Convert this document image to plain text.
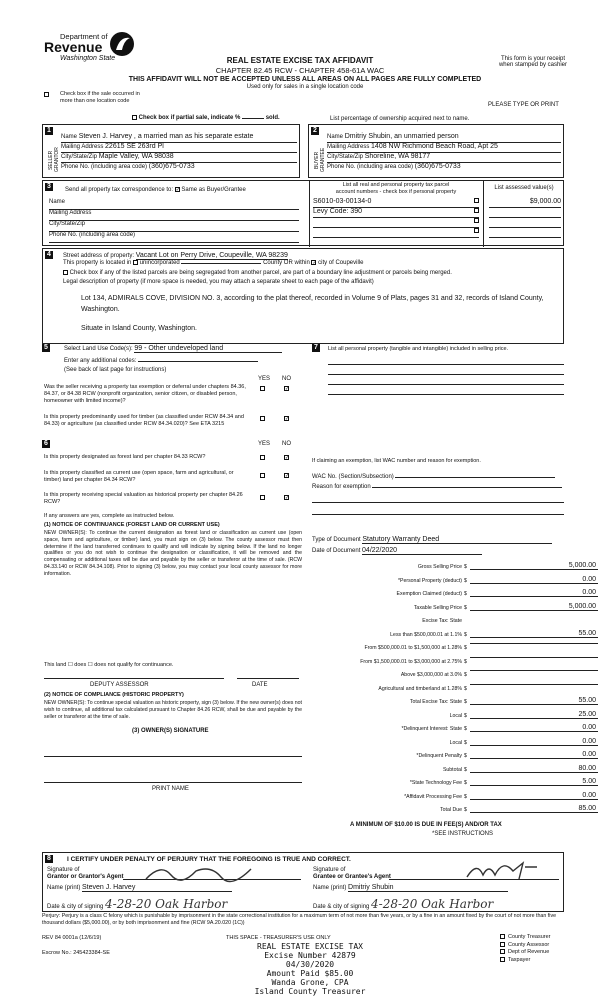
Department of
Revenue
Washington State	REAL ESTATE EXCISE TAX AFFIDAVIT
CHAPTER 82.45 RCW - CHAPTER 458-61A WAC
This form is your receipt
when stamped by cashier
THIS AFFIDAVIT WILL NOT BE ACCEPTED UNLESS ALL AREAS ON ALL PAGES ARE FULLY COMPLETED
Used only for sales in a single location code
Check box if the sale occurred in
more than one location code
PLEASE TYPE OR PRINT
Check box if partial sale, indicate %	sold.	List percentage of ownership acquired next to name.
1
SELLER GRANTOR
Name Steven J. Harvey , a married man as his separate estate
Mailing Address 22615 SE 263rd Pl
City/State/Zip Maple Valley, WA 98038
Phone No. (including area code) (360)675-0733
2
BUYER GRANTEE
Name Dmitriy Shubin, an unmarried person
Mailing Address 1408 NW Richmond Beach Road, Apt 25
City/State/Zip Shoreline, WA 98177
Phone No. (including area code) (360)675-0733
3
Send all property tax correspondence to: ✓ Same as Buyer/Grantee
Name
Mailing Address
City/State/Zip
Phone No. (including area code)
List all real and personal property tax parcel
account numbers - check box if personal property
List assessed value(s)
S6010-03-00134-0
Levy Code: 390
$9,000.00
4	Street address of property: Vacant Lot on Perry Drive, Coupeville, WA 98239
This property is located in unincorporated	County OR within ✓ city of Coupeville
Check box if any of the listed parcels are being segregated from another parcel, are part of a boundary line adjustment or parcels being merged.
Legal description of property (if more space is needed, you may attach a separate sheet to each page of the affidavit)
Lot 134, ADMIRALS COVE, DIVISION NO. 3, according to the plat thereof, recorded in Volume 9 of Plats, pages 31 and 32, records of Island County, Washington.
Situate in Island County, Washington.
5	Select Land Use Code(s): 99 - Other undeveloped land
Enter any additional codes:
(See back of last page for instructions)
YES NO
Was the seller receiving a property tax exemption or deferral under chapters 84.36, 84.37, or 84.38 RCW (nonprofit organization, senior citizen, or disabled person, homeowner with limited income)?
✓
Is this property predominantly used for timber (as classified under RCW 84.34 and 84.33) or agriculture (as classified under RCW 84.34.020)? See ETA 3215
✓
6	YES NO
Is this property designated as forest land per chapter 84.33 RCW?	✓
Is this property classified as current use (open space, farm and agricultural, or timber) land per chapter 84.34 RCW?
✓
Is this property receiving special valuation as historical property per chapter 84.26 RCW?
✓
If any answers are yes, complete as instructed below.
(1) NOTICE OF CONTINUANCE (FOREST LAND OR CURRENT USE)
NEW OWNER(S): To continue the current designation as forest land or classification as current use (open space, farm and agriculture, or timber) land, you must sign on (3) below. The county assessor must then determine if the land transferred continues to qualify and will indicate by signing below. If the land no longer qualifies or you do not wish to continue the designation or classification, it will be removed and the compensating or additional taxes will be due and payable by the seller or transferor at the time of sale. (RCW 84.33.140 or RCW 84.34.108). Prior to signing (3) below, you may contact your local county assessor for more information.
This land ☐ does ☐ does not qualify for continuance.
DEPUTY ASSESSOR	DATE
(2) NOTICE OF COMPLIANCE (HISTORIC PROPERTY)
NEW OWNER(S): To continue special valuation as historic property, sign (3) below. If the new owner(s) does not wish to continue, all additional tax calculated pursuant to Chapter 84.26 RCW, shall be due and payable by the seller or transferor at the time of sale.
(3) OWNER(S) SIGNATURE
PRINT NAME
7	List all personal property (tangible and intangible) included in selling price.
If claiming an exemption, list WAC number and reason for exemption.
WAC No. (Section/Subsection)
Reason for exemption
Type of Document Statutory Warranty Deed
Date of Document 04/22/2020
Gross Selling Price $	5,000.00
*Personal Property (deduct) $	0.00
Exemption Claimed (deduct) $	0.00
Taxable Selling Price $	5,000.00
Excise Tax: State
Less than $500,000.01 at 1.1% $	55.00
From $500,000.01 to $1,500,000 at 1.28% $
From $1,500,000.01 to $3,000,000 at 2.75% $
Above $3,000,000 at 3.0% $
Agricultural and timberland at 1.28% $
Total Excise Tax: State $	55.00
Local $	25.00
*Delinquent Interest: State $	0.00
Local $	0.00
*Delinquent Penalty $	0.00
Subtotal $	80.00
*State Technology Fee $	5.00
*Affidavit Processing Fee $	0.00
Total Due $	85.00
A MINIMUM OF $10.00 IS DUE IN FEE(S) AND/OR TAX
*SEE INSTRUCTIONS
8	I CERTIFY UNDER PENALTY OF PERJURY THAT THE FOREGOING IS TRUE AND CORRECT.
Signature of
Grantor or Grantor's Agent
Signature of
Grantee or Grantee's Agent
Name (print) Steven J. Harvey	Name (print) Dmitriy Shubin
Date & city of signing 4-28-20 Oak Harbor	Date & city of signing 4-28-20 Oak Harbor
Perjury: Perjury is a class C felony which is punishable by imprisonment in the state correctional institution for a maximum term of not more than five years, or by a fine in an amount fixed by the court of not more than five thousand dollars ($5,000.00), or by both imprisonment and fine (RCW 9A.20.020 (1C))
REV 84 0001a (12/6/19)	THIS SPACE - TREASURER'S USE ONLY
Escrow No.: 245423384-SE
REAL ESTATE EXCISE TAX
Excise Number 42879
04/30/2020
Amount Paid $85.00
Wanda Grone, CPA
Island County Treasurer
County Treasurer
County Assessor
Dept of Revenue
Taxpayer
